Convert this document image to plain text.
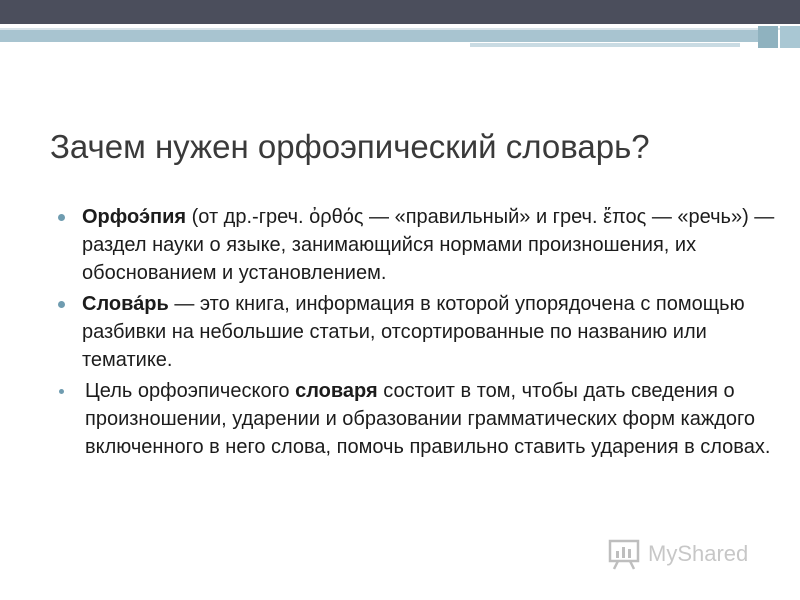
Зачем нужен орфоэпический словарь?
Орфоэ́пия (от др.-греч. ὀρθός — «правильный» и греч. ἔπος — «речь») — раздел науки о языке, занимающийся нормами произношения, их обоснованием и установлением.
Слова́рь — это книга, информация в которой упорядочена с помощью разбивки на небольшие статьи, отсортированные по названию или тематике.
Цель орфоэпического словаря состоит в том, чтобы дать сведения о произношении, ударении и образовании грамматических форм каждого включенного в него слова, помочь правильно ставить ударения в словах.
MyShared
